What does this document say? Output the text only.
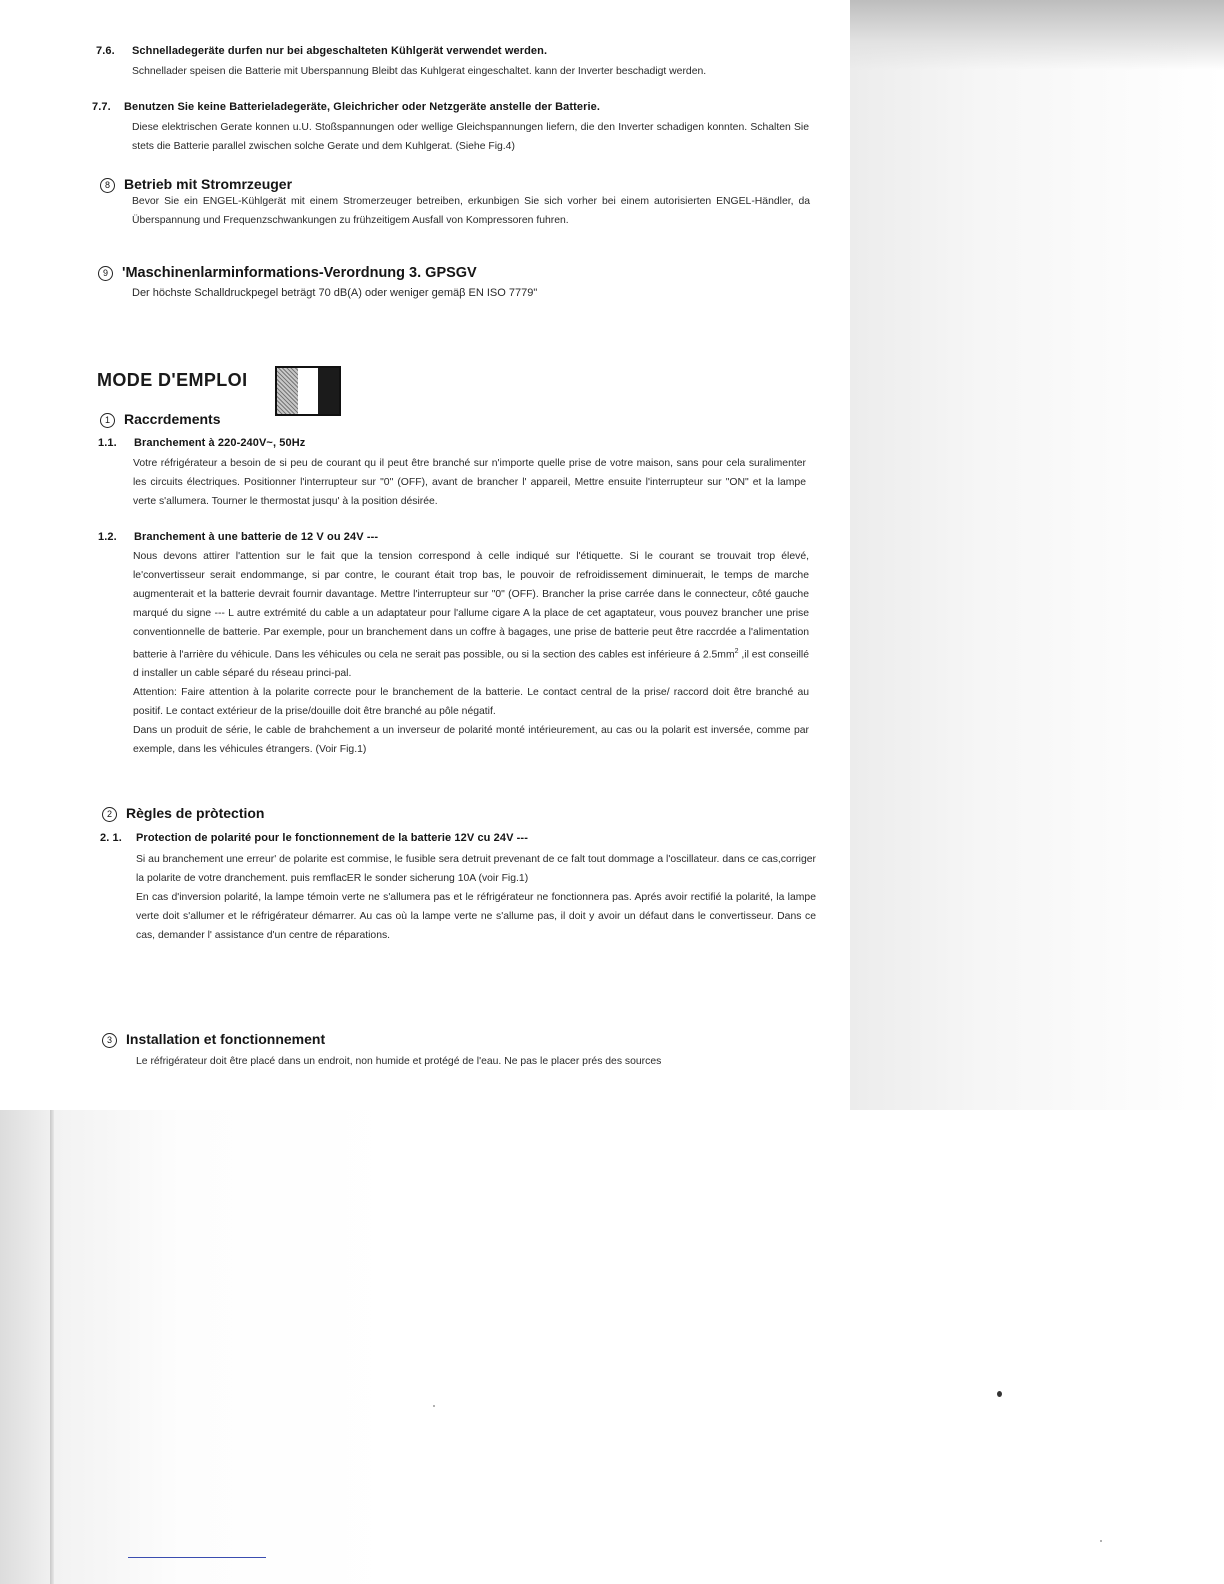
7.6. Schnelladegeräte durfen nur bei abgeschalteten Kühlgerät verwendet werden.
Schnellader speisen die Batterie mit Uberspannung Bleibt das Kuhlgerat eingeschaltet. kann der Inverter beschadigt werden.
7.7. Benutzen Sie keine Batterieladegeräte, Gleichricher oder Netzgeräte anstelle der Batterie.
Diese elektrischen Gerate konnen u.U. Stoßspannungen oder wellige Gleichspannungen liefern, die den Inverter schadigen konnten. Schalten Sie stets die Batterie parallel zwischen solche Gerate und dem Kuhlgerat. (Siehe Fig.4)
8 Betrieb mit Stromrzeuger
Bevor Sie ein ENGEL-Kühlgerät mit einem Stromerzeuger betreiben, erkunbigen Sie sich vorher bei einem autorisierten ENGEL-Händler, da Überspannung und Frequenzschwankungen zu frühzeitigem Ausfall von Kompressoren fuhren.
9 'Maschinenlarminformations-Verordnung 3. GPSGV
Der höchste Schalldruckpegel beträgt 70 dB(A) oder weniger gemäβ EN ISO 7779"
MODE D'EMPLOI
1 Raccrdements
1.1. Branchement à 220-240V~, 50Hz
Votre réfrigérateur a besoin de si peu de courant qu il peut être branché sur n'importe quelle prise de votre maison, sans pour cela suralimenter les circuits électriques. Positionner l'interrupteur sur "0" (OFF), avant de brancher l' appareil, Mettre ensuite l'interrupteur sur "ON" et la lampe verte s'allumera. Tourner le thermostat jusqu' à la position désirée.
1.2. Branchement à une batterie de 12 V ou 24V ---
Nous devons attirer l'attention sur le fait que la tension correspond à celle indiqué sur l'étiquette. Si le courant se trouvait trop élevé, le'convertisseur serait endommange, si par contre, le courant était trop bas, le pouvoir de refroidissement diminuerait, le temps de marche augmenterait et la batterie devrait fournir davantage. Mettre l'interrupteur sur "0" (OFF). Brancher la prise carrée dans le connecteur, côté gauche marqué du signe --- L autre extrémité du cable a un adaptateur pour l'allume cigare A la place de cet agaptateur, vous pouvez brancher une prise conventionnelle de batterie. Par exemple, pour un branchement dans un coffre à bagages, une prise de batterie peut être raccrdée a l'alimentation batterie à l'arrière du véhicule. Dans les véhicules ou cela ne serait pas possible, ou si la section des cables est inférieure á $2.5mm^2$ ,il est conseillé d installer un cable séparé du réseau princi-pal.
Attention: Faire attention à la polarite correcte pour le branchement de la batterie. Le contact central de la prise/ raccord doit être branché au positif. Le contact extérieur de la prise/douille doit être branché au pôle négatif.
Dans un produit de série, le cable de brahchement a un inverseur de polarité monté intérieurement, au cas ou la polarit est inversée, comme par exemple, dans les véhicules étrangers. (Voir Fig.1)
2 Règles de pròtection
2. 1. Protection de polarité pour le fonctionnement de la batterie 12V cu 24V ---
Si au branchement une erreur' de polarite est commise, le fusible sera detruit prevenant de ce falt tout dommage a l'oscillateur. dans ce cas,corriger la polarite de votre dranchement. puis remflacER le sonder sicherung 10A (voir Fig.1)
En cas d'inversion polarité, la lampe témoin verte ne s'allumera pas et le réfrigérateur ne fonctionnera pas. Aprés avoir rectifié la polarité, la lampe verte doit s'allumer et le réfrigérateur démarrer. Au cas où la lampe verte ne s'allume pas, il doit y avoir un défaut dans le convertisseur. Dans ce cas, demander l' assistance d'un centre de réparations.
3 Installation et fonctionnement
Le réfrigérateur doit être placé dans un endroit, non humide et protégé de l'eau. Ne pas le placer prés des sources
